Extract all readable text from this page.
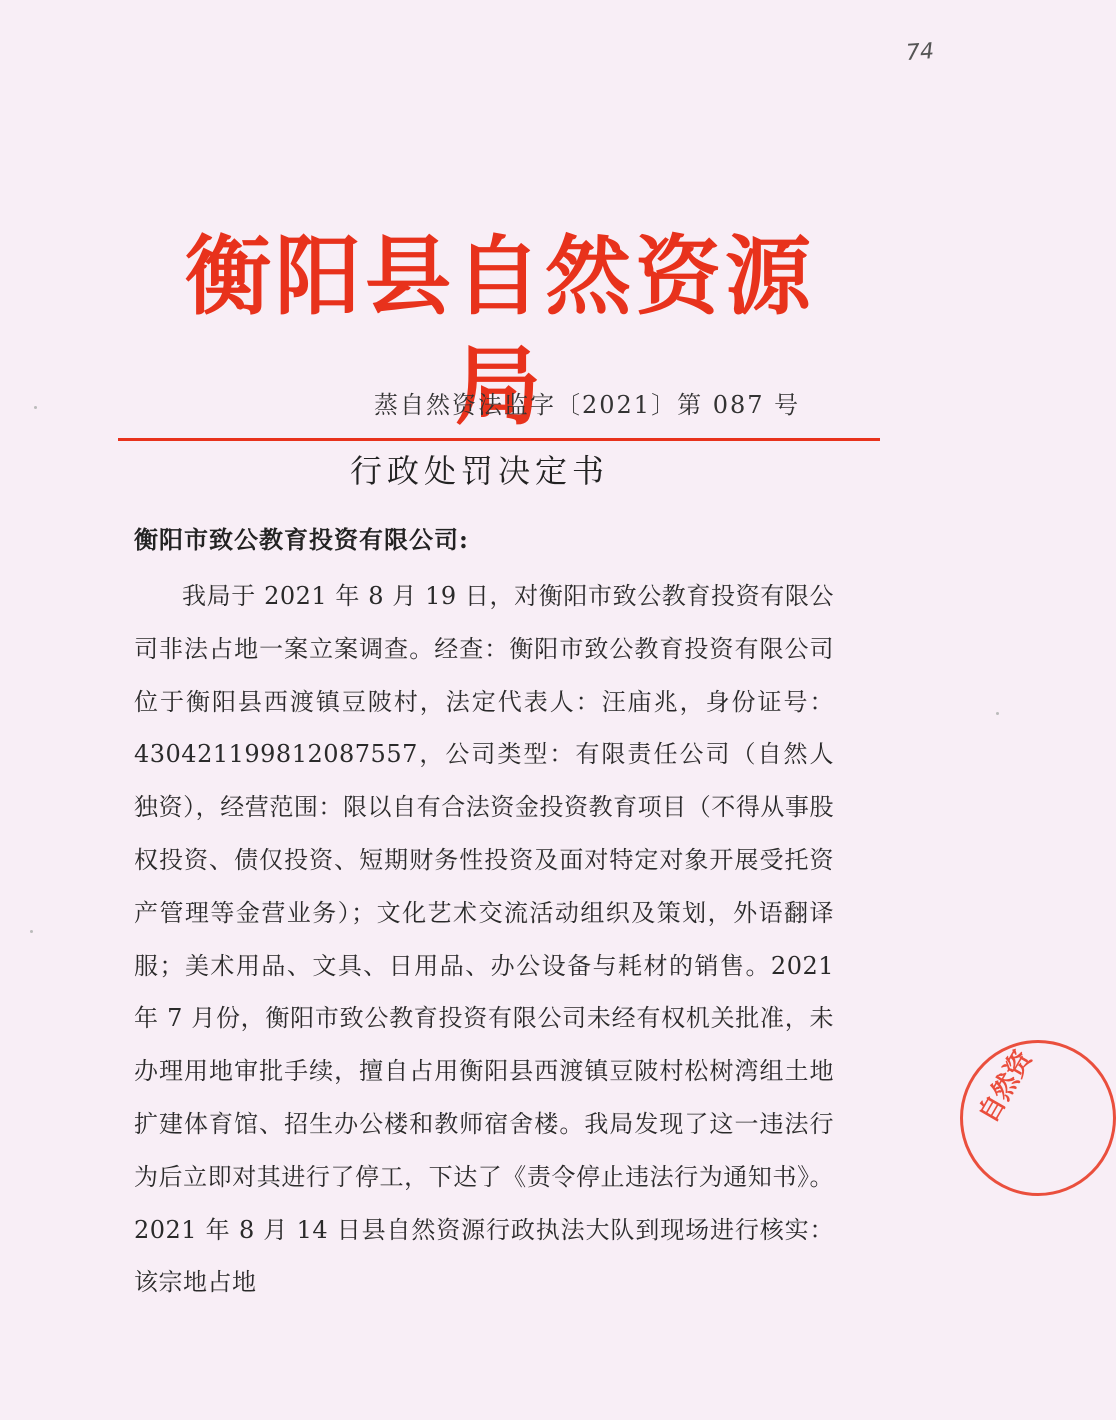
74
衡阳县自然资源局
蒸自然资法监字〔2021〕第 087 号
行政处罚决定书
衡阳市致公教育投资有限公司:

我局于 2021 年 8 月 19 日，对衡阳市致公教育投资有限公司非法占地一案立案调查。经查：衡阳市致公教育投资有限公司位于衡阳县西渡镇豆陂村，法定代表人：汪庙兆，身份证号：430421199812087557，公司类型：有限责任公司（自然人独资），经营范围：限以自有合法资金投资教育项目（不得从事股权投资、债仅投资、短期财务性投资及面对特定对象开展受托资产管理等金营业务）；文化艺术交流活动组织及策划，外语翻译服；美术用品、文具、日用品、办公设备与耗材的销售。2021 年 7 月份，衡阳市致公教育投资有限公司未经有权机关批准，未办理用地审批手续，擅自占用衡阳县西渡镇豆陂村松树湾组土地扩建体育馆、招生办公楼和教师宿舍楼。我局发现了这一违法行为后立即对其进行了停工，下达了《责令停止违法行为通知书》。2021 年 8 月 14 日县自然资源行政执法大队到现场进行核实：该宗地占地

自然资
